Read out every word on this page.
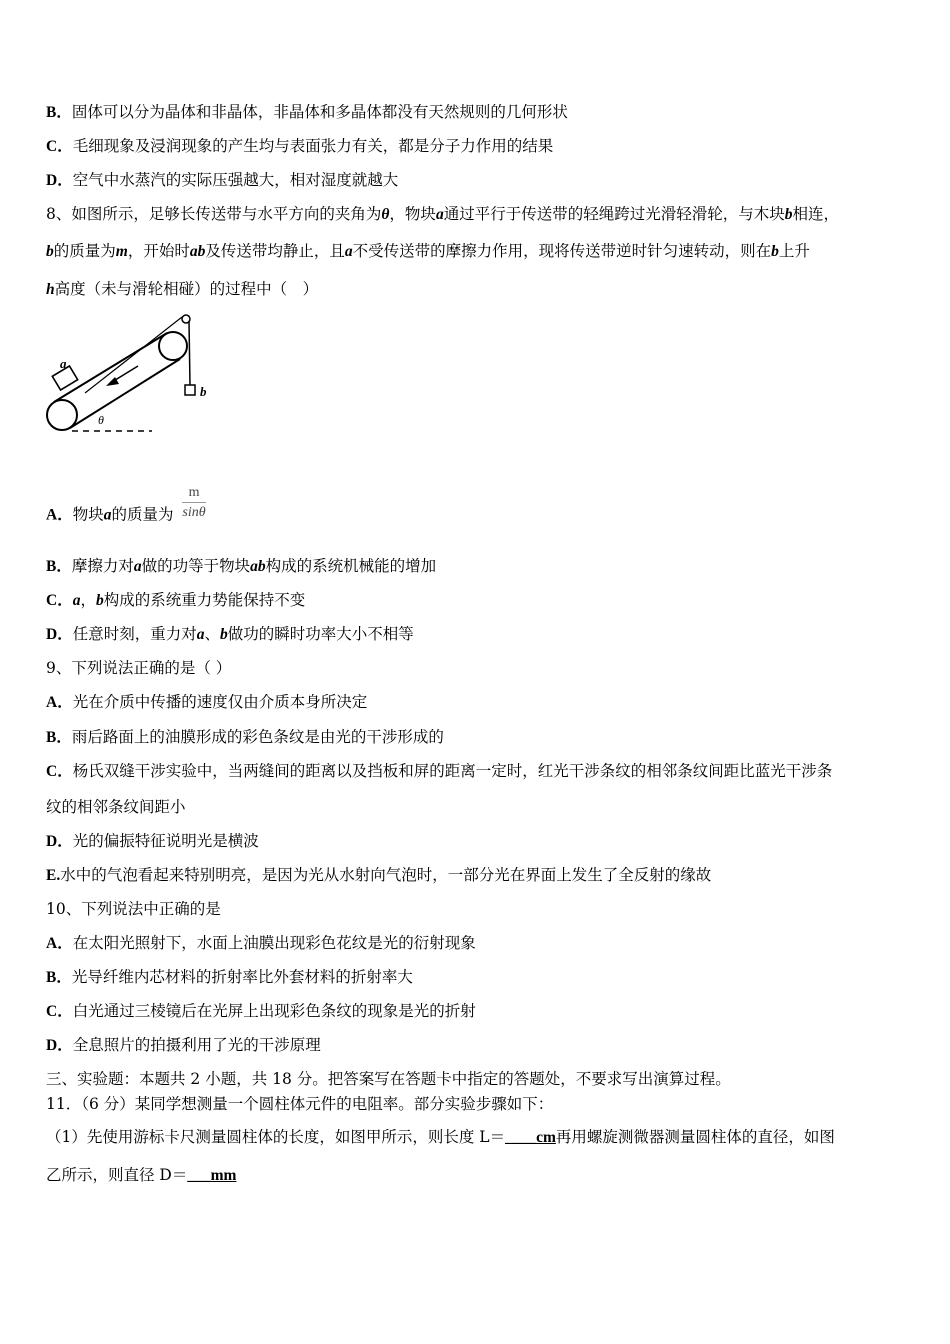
B．固体可以分为晶体和非晶体，非晶体和多晶体都没有天然规则的几何形状
C．毛细现象及浸润现象的产生均与表面张力有关，都是分子力作用的结果
D．空气中水蒸汽的实际压强越大，相对湿度就越大
8、如图所示，足够长传送带与水平方向的夹角为θ，物块a通过平行于传送带的轻绳跨过光滑轻滑轮，与木块b相连，
b的质量为m，开始时ab及传送带均静止，且a不受传送带的摩擦力作用，现将传送带逆时针匀速转动，则在b上升
h高度（未与滑轮相碰）的过程中（　）
a
b
θ
A．物块a的质量为 $\frac{m}{\sin\theta}$
B．摩擦力对a做的功等于物块ab构成的系统机械能的增加
C．a，b构成的系统重力势能保持不变
D．任意时刻，重力对a、b做功的瞬时功率大小不相等
9、下列说法正确的是（ ）
A．光在介质中传播的速度仅由介质本身所决定
B．雨后路面上的油膜形成的彩色条纹是由光的干涉形成的
C．杨氏双缝干涉实验中，当两缝间的距离以及挡板和屏的距离一定时，红光干涉条纹的相邻条纹间距比蓝光干涉条
纹的相邻条纹间距小
D．光的偏振特征说明光是横波
E.水中的气泡看起来特别明亮，是因为光从水射向气泡时，一部分光在界面上发生了全反射的缘故
10、下列说法中正确的是
A．在太阳光照射下，水面上油膜出现彩色花纹是光的衍射现象
B．光导纤维内芯材料的折射率比外套材料的折射率大
C．白光通过三棱镜后在光屏上出现彩色条纹的现象是光的折射
D．全息照片的拍摄利用了光的干涉原理
三、实验题：本题共 2 小题，共 18 分。把答案写在答题卡中指定的答题处，不要求写出演算过程。
11．（6 分）某同学想测量一个圆柱体元件的电阻率。部分实验步骤如下：
（1）先使用游标卡尺测量圆柱体的长度，如图甲所示，则长度 L＝____cm再用螺旋测微器测量圆柱体的直径，如图
乙所示，则直径 D＝___mm
